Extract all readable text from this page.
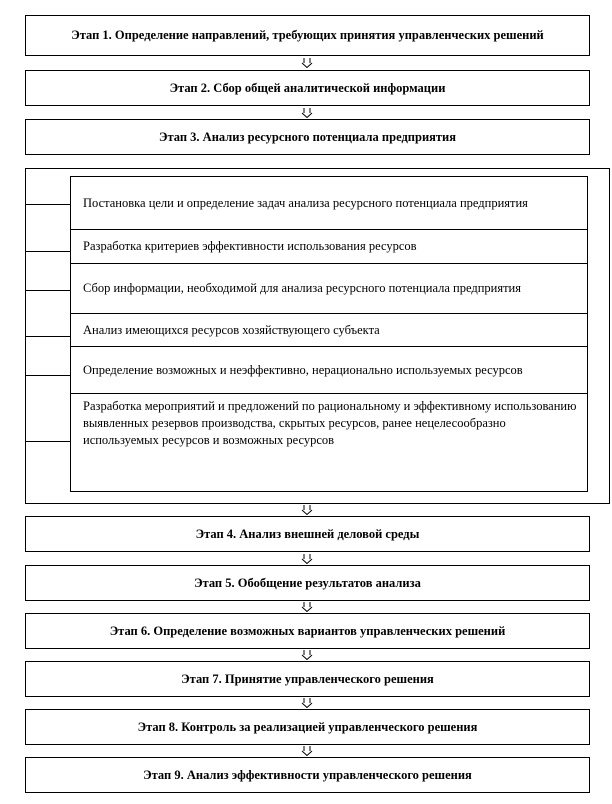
Этап 1. Определение направлений, требующих принятия управленческих решений
Этап 2. Сбор общей аналитической информации
Этап 3. Анализ ресурсного потенциала предприятия
Постановка цели и определение задач анализа ресурсного потенциала предприятия
Разработка критериев эффективности использования ресурсов
Сбор информации, необходимой для анализа ресурсного потенциала предприятия
Анализ имеющихся ресурсов хозяйствующего субъекта
Определение возможных и неэффективно, нерационально используемых ресурсов
Разработка мероприятий и предложений по рациональному и эффективному использованию выявленных резервов производства, скрытых ресурсов, ранее нецелесообразно используемых ресурсов и возможных ресурсов
Этап 4. Анализ внешней деловой среды
Этап 5. Обобщение результатов анализа
Этап 6. Определение возможных вариантов управленческих решений
Этап 7. Принятие управленческого решения
Этап 8. Контроль за реализацией управленческого решения
Этап 9. Анализ эффективности управленческого решения
